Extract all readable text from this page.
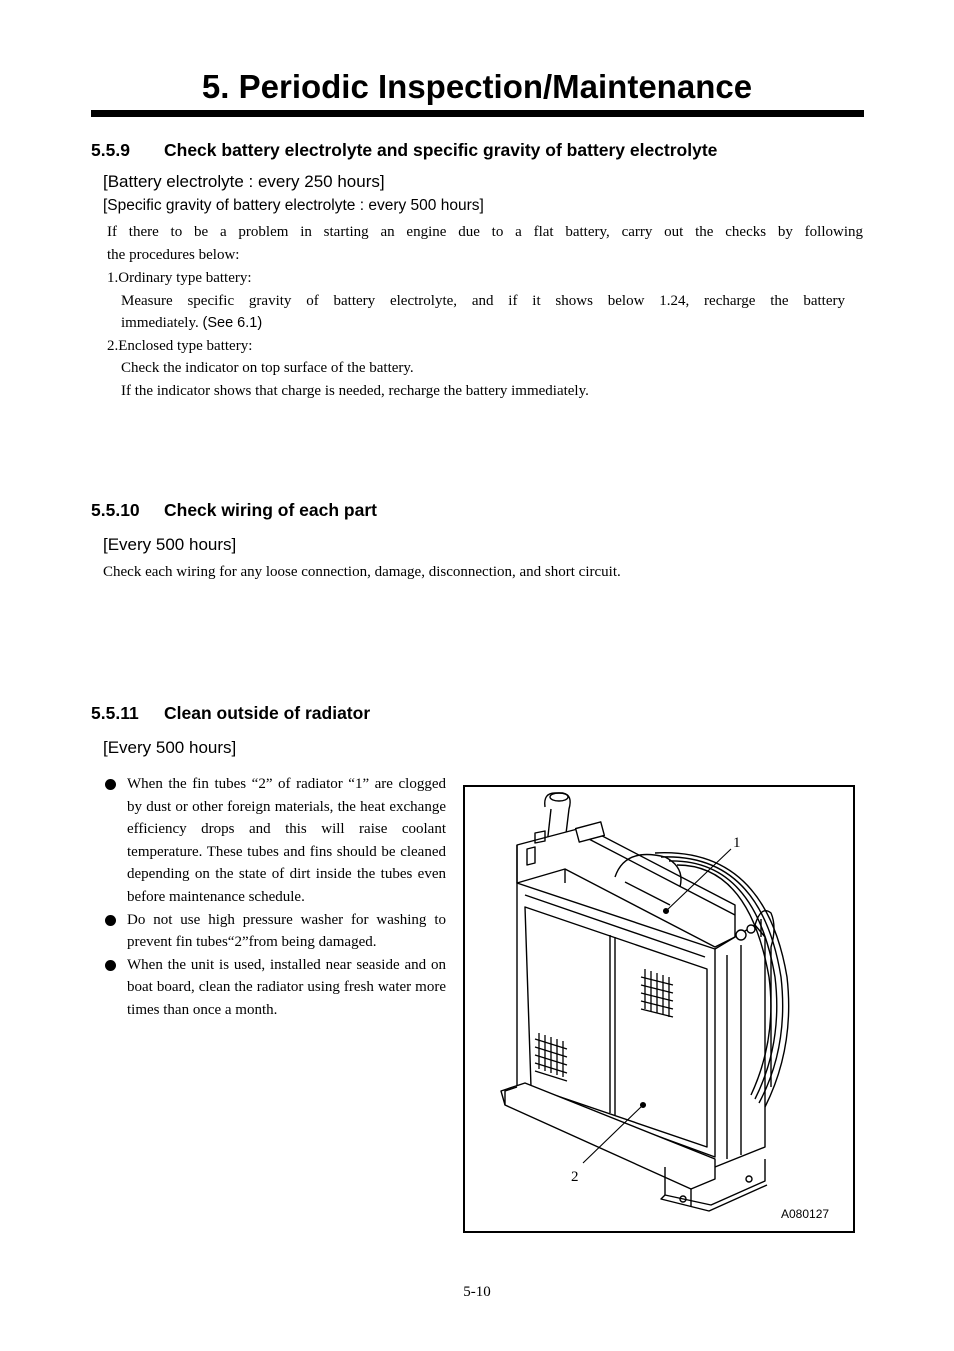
5. Periodic Inspection/Maintenance
5.5.9 Check battery electrolyte and specific gravity of battery electrolyte
[Battery electrolyte : every 250 hours]
[Specific gravity of battery electrolyte : every 500 hours]
If there to be a problem in starting an engine due to a flat battery, carry out the checks by following
the procedures below:
1.Ordinary type battery:
Measure specific gravity of battery electrolyte, and if it shows below 1.24, recharge the battery
immediately. (See 6.1)
2.Enclosed type battery:
Check the indicator on top surface of the battery.
If the indicator shows that charge is needed, recharge the battery immediately.
5.5.10 Check wiring of each part
[Every 500 hours]
Check each wiring for any loose connection, damage, disconnection, and short circuit.
5.5.11 Clean outside of radiator
[Every 500 hours]
When the fin tubes “2” of radiator “1” are clogged by dust or other foreign materials, the heat exchange efficiency drops and this will raise coolant temperature. These tubes and fins should be cleaned depending on the state of dirt inside the tubes even before maintenance schedule.
Do not use high pressure washer for washing to prevent fin tubes“2”from being damaged.
When the unit is used, installed near seaside and on boat board, clean the radiator using fresh water more times than once a month.
1
2
A080127
5-10
